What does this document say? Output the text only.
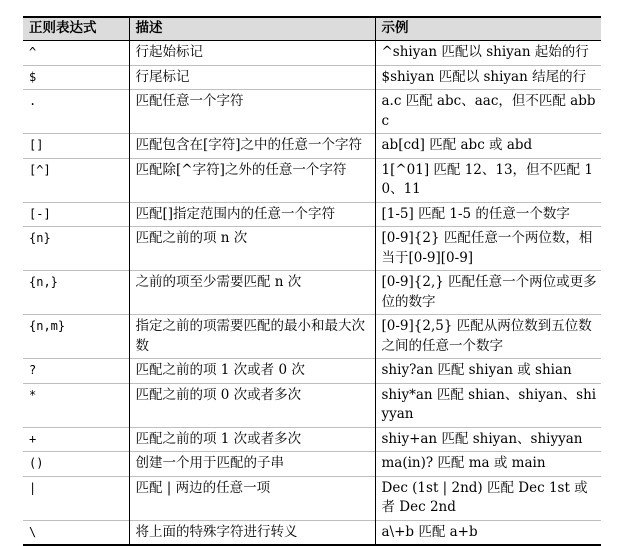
正则表达式	描述	示例
^	行起始标记	^shiyan 匹配以 shiyan 起始的行
$	行尾标记	$shiyan 匹配以 shiyan 结尾的行
.	匹配任意一个字符	a.c 匹配 abc、aac，但不匹配 abbc
[]	匹配包含在[字符]之中的任意一个字符	ab[cd] 匹配 abc 或 abd
[^]	匹配除[^字符]之外的任意一个字符	1[^01] 匹配 12、13，但不匹配 10、11
[-]	匹配[]指定范围内的任意一个字符	[1-5] 匹配 1-5 的任意一个数字
{n}	匹配之前的项 n 次	[0-9]{2} 匹配任意一个两位数，相当于[0-9][0-9]
{n,}	之前的项至少需要匹配 n 次	[0-9]{2,} 匹配任意一个两位或更多位的数字
{n,m}	指定之前的项需要匹配的最小和最大次数	[0-9]{2,5} 匹配从两位数到五位数之间的任意一个数字
?	匹配之前的项 1 次或者 0 次	shiy?an 匹配 shiyan 或 shian
*	匹配之前的项 0 次或者多次	shiy*an 匹配 shian、shiyan、shiyyan
+	匹配之前的项 1 次或者多次	shiy+an 匹配 shiyan、shiyyan
()	创建一个用于匹配的子串	ma(in)? 匹配 ma 或 main
|	匹配 | 两边的任意一项	Dec (1st | 2nd) 匹配 Dec 1st 或者 Dec 2nd
\	将上面的特殊字符进行转义	a\+b 匹配 a+b
